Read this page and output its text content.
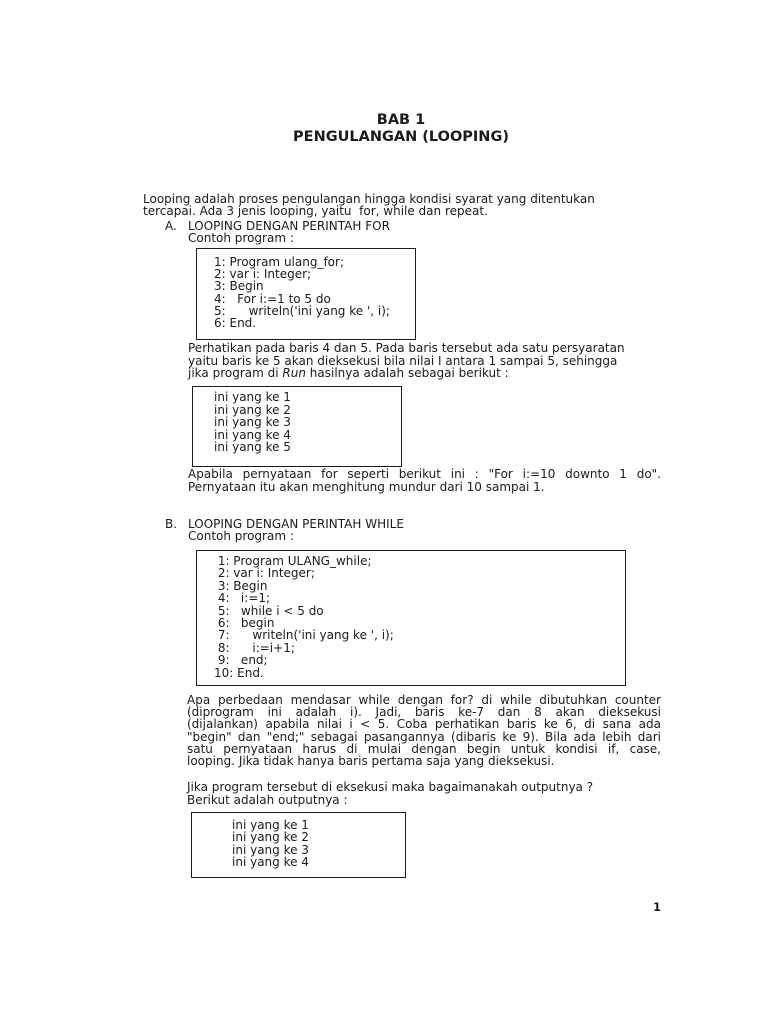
BAB 1
PENGULANGAN (LOOPING)
Looping adalah proses pengulangan hingga kondisi syarat yang ditentukan
tercapai. Ada 3 jenis looping, yaitu  for, while dan repeat.
A. LOOPING DENGAN PERINTAH FOR
Contoh program :
1: Program ulang_for;
2: var i: Integer;
3: Begin
4:   For i:=1 to 5 do
5:      writeln('ini yang ke ', i);
6: End.
Perhatikan pada baris 4 dan 5. Pada baris tersebut ada satu persyaratan
yaitu baris ke 5 akan dieksekusi bila nilai I antara 1 sampai 5, sehingga
jika program di Run hasilnya adalah sebagai berikut :
ini yang ke 1
ini yang ke 2
ini yang ke 3
ini yang ke 4
ini yang ke 5
Apabila pernyataan for seperti berikut ini : "For i:=10 downto 1 do".
Pernyataan itu akan menghitung mundur dari 10 sampai 1.
B. LOOPING DENGAN PERINTAH WHILE
Contoh program :
1: Program ULANG_while;
2: var i: Integer;
3: Begin
4:   i:=1;
5:   while i < 5 do
6:   begin
7:      writeln('ini yang ke ', i);
8:      i:=i+1;
9:   end;
10: End.
Apa perbedaan mendasar while dengan for? di while dibutuhkan counter
(diprogram ini adalah i). Jadi, baris ke-7 dan 8 akan dieksekusi
(dijalankan) apabila nilai i < 5. Coba perhatikan baris ke 6, di sana ada
"begin" dan "end;" sebagai pasangannya (dibaris ke 9). Bila ada lebih dari
satu pernyataan harus di mulai dengan begin untuk kondisi if, case,
looping. Jika tidak hanya baris pertama saja yang dieksekusi.
Jika program tersebut di eksekusi maka bagaimanakah outputnya ?
Berikut adalah outputnya :
ini yang ke 1
ini yang ke 2
ini yang ke 3
ini yang ke 4
1
